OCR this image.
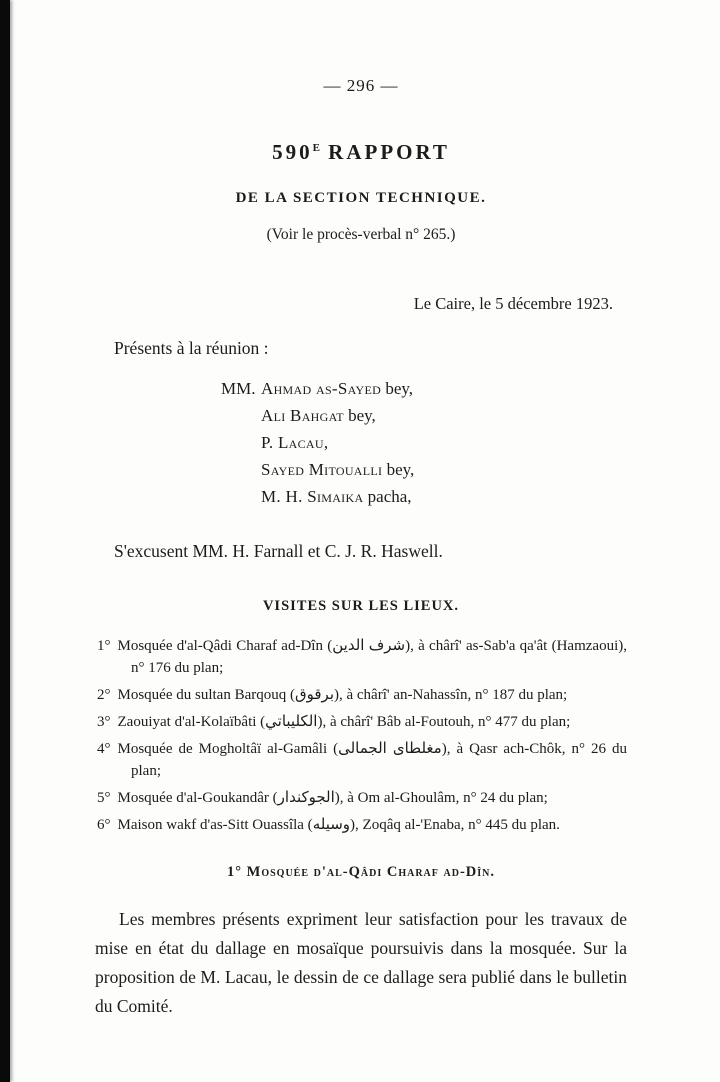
— 296 —
$590^E$ RAPPORT
DE LA SECTION TECHNIQUE.
(Voir le procès-verbal n° 265.)
Le Caire, le 5 décembre 1923.
Présents à la réunion :
MM. Ahmad as-Sayed bey,
Ali Bahgat bey,
P. Lacau,
Sayed Mitoualli bey,
M. H. Simaika pacha,
S'excusent MM. H. Farnall et C. J. R. Haswell.
VISITES SUR LES LIEUX.
1° Mosquée d'al-Qâdi Charaf ad-Dîn (شرف الدين), à chârî' as-Sab'a qa'ât (Hamzaoui), n° 176 du plan;
2° Mosquée du sultan Barqouq (برقوق), à chârî' an-Nahassîn, n° 187 du plan;
3° Zaouiyat d'al-Kolaïbâti (الكليباتي), à chârî' Bâb al-Foutouh, n° 477 du plan;
4° Mosquée de Mogholtâï al-Gamâli (مغلطاى الجمالى), à Qasr ach-Chôk, n° 26 du plan;
5° Mosquée d'al-Goukandâr (الجوكندار), à Om al-Ghoulâm, n° 24 du plan;
6° Maison wakf d'as-Sitt Ouassîla (وسيله), Zoqâq al-'Enaba, n° 445 du plan.
1° Mosquée d'al-Qâdi Charaf ad-Dîn.

Les membres présents expriment leur satisfaction pour les travaux de mise en état du dallage en mosaïque poursuivis dans la mosquée. Sur la proposition de M. Lacau, le dessin de ce dallage sera publié dans le bulletin du Comité.
